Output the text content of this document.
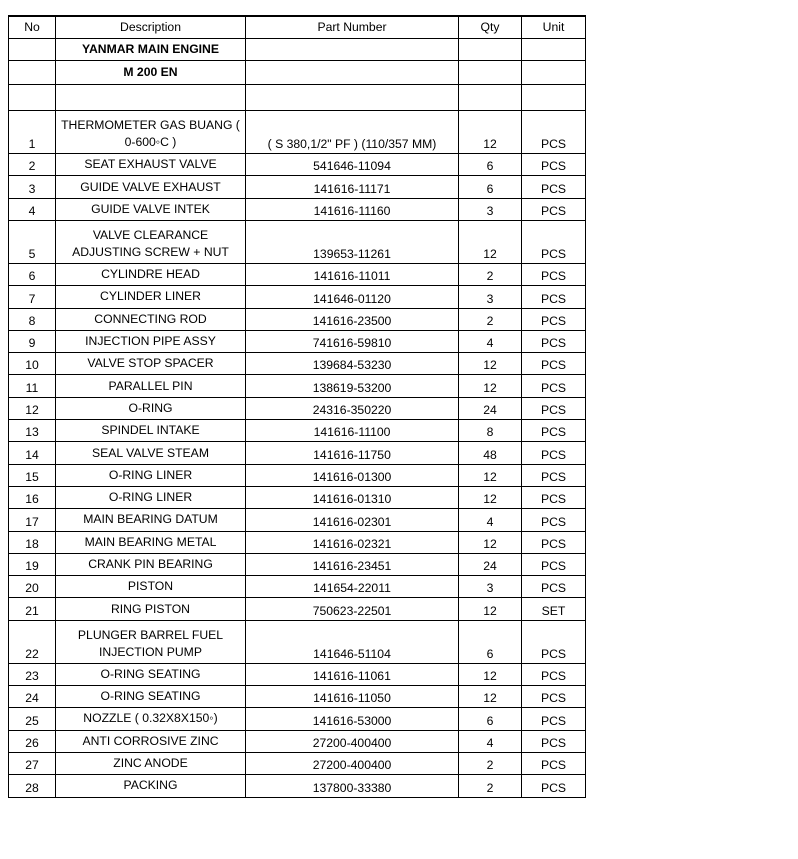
No	Description	Part Number	Qty	Unit
	YANMAR MAIN ENGINE			
	M 200 EN			

1	THERMOMETER GAS BUANG ( 0-600◦C )	( S 380,1/2" PF ) (110/357 MM)	12	PCS
2	SEAT EXHAUST VALVE	541646-11094	6	PCS
3	GUIDE VALVE EXHAUST	141616-11171	6	PCS
4	GUIDE VALVE INTEK	141616-11160	3	PCS
5	VALVE CLEARANCE ADJUSTING SCREW + NUT	139653-11261	12	PCS
6	CYLINDRE HEAD	141616-11011	2	PCS
7	CYLINDER LINER	141646-01120	3	PCS
8	CONNECTING ROD	141616-23500	2	PCS
9	INJECTION PIPE ASSY	741616-59810	4	PCS
10	VALVE STOP SPACER	139684-53230	12	PCS
11	PARALLEL PIN	138619-53200	12	PCS
12	O-RING	24316-350220	24	PCS
13	SPINDEL INTAKE	141616-11100	8	PCS
14	SEAL VALVE STEAM	141616-11750	48	PCS
15	O-RING LINER	141616-01300	12	PCS
16	O-RING LINER	141616-01310	12	PCS
17	MAIN BEARING DATUM	141616-02301	4	PCS
18	MAIN BEARING METAL	141616-02321	12	PCS
19	CRANK PIN BEARING	141616-23451	24	PCS
20	PISTON	141654-22011	3	PCS
21	RING PISTON	750623-22501	12	SET
22	PLUNGER BARREL FUEL INJECTION PUMP	141646-51104	6	PCS
23	O-RING SEATING	141616-11061	12	PCS
24	O-RING SEATING	141616-11050	12	PCS
25	NOZZLE ( 0.32X8X150◦)	141616-53000	6	PCS
26	ANTI CORROSIVE ZINC	27200-400400	4	PCS
27	ZINC ANODE	27200-400400	2	PCS
28	PACKING	137800-33380	2	PCS
